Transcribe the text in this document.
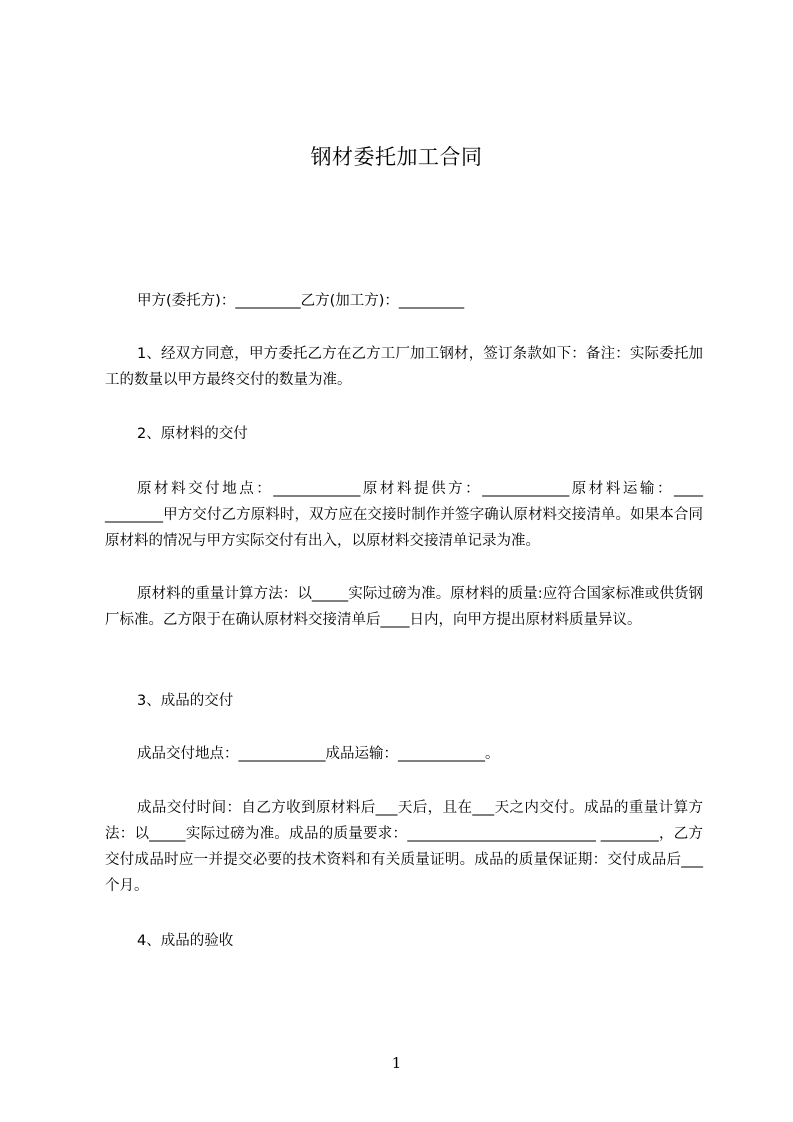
钢材委托加工合同
甲方(委托方)：_________乙方(加工方)：_________
1、经双方同意，甲方委托乙方在乙方工厂加工钢材，签订条款如下：备注：实际委托加工的数量以甲方最终交付的数量为准。
2、原材料的交付
原材料交付地点：____________原材料提供方：____________原材料运输：____ ________甲方交付乙方原料时，双方应在交接时制作并签字确认原材料交接清单。如果本合同原材料的情况与甲方实际交付有出入，以原材料交接清单记录为准。
原材料的重量计算方法：以_____实际过磅为准。原材料的质量:应符合国家标准或供货钢厂标准。乙方限于在确认原材料交接清单后____日内，向甲方提出原材料质量异议。
3、成品的交付
成品交付地点：____________成品运输：____________。
成品交付时间：自乙方收到原材料后___天后，且在___天之内交付。成品的重量计算方法：以_____实际过磅为准。成品的质量要求：__________________________ ________，乙方交付成品时应一并提交必要的技术资料和有关质量证明。成品的质量保证期：交付成品后___个月。
4、成品的验收
1
